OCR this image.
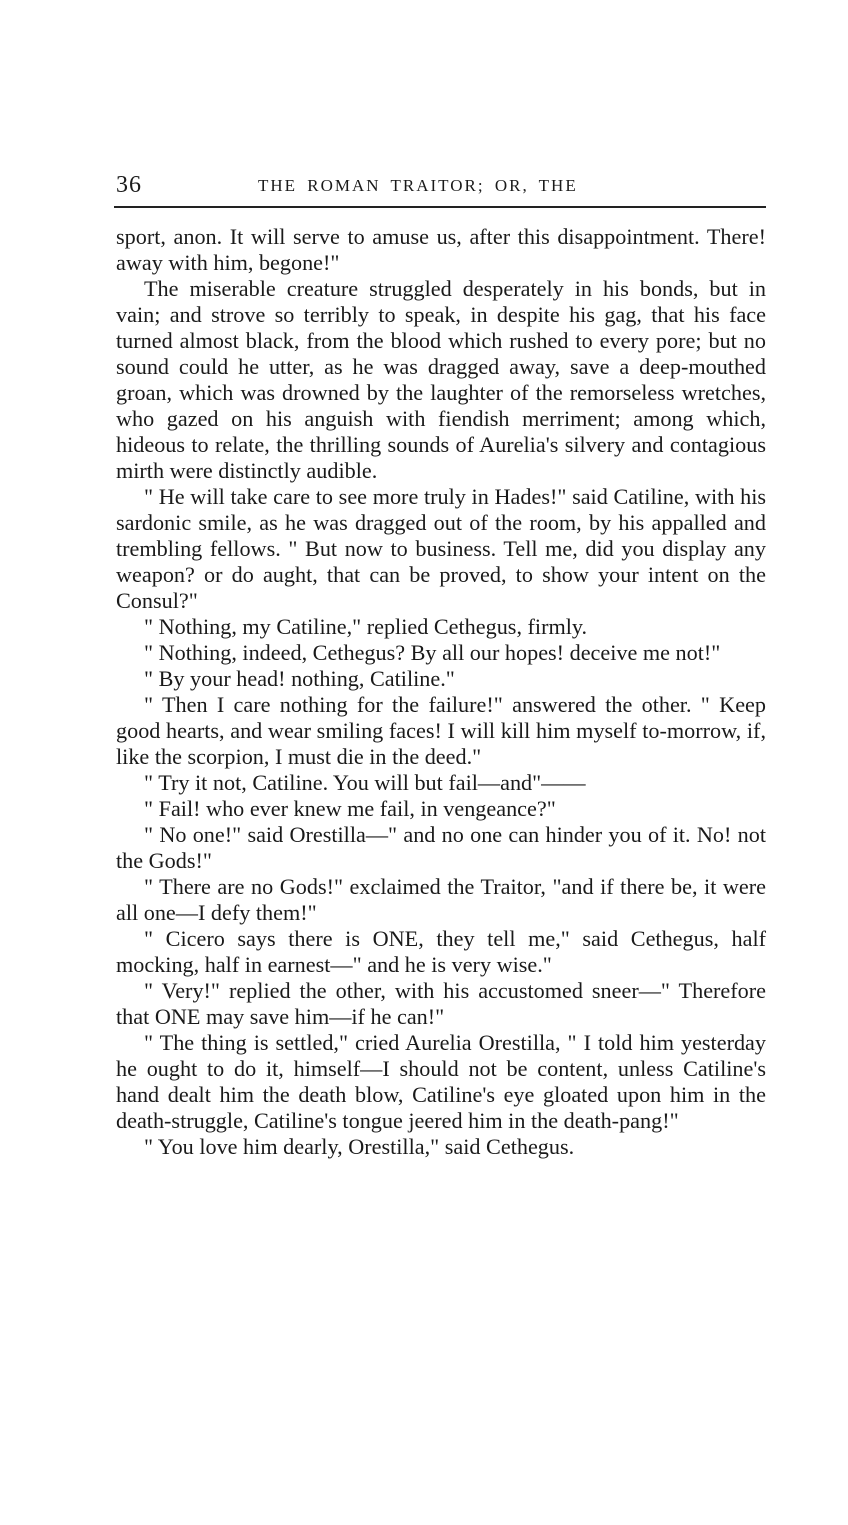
36	THE ROMAN TRAITOR; OR, THE

sport, anon. It will serve to amuse us, after this disappointment. There! away with him, begone!"

The miserable creature struggled desperately in his bonds, but in vain; and strove so terribly to speak, in despite his gag, that his face turned almost black, from the blood which rushed to every pore; but no sound could he utter, as he was dragged away, save a deep-mouthed groan, which was drowned by the laughter of the remorseless wretches, who gazed on his anguish with fiendish merriment; among which, hideous to relate, the thrilling sounds of Aurelia's silvery and contagious mirth were distinctly audible.

" He will take care to see more truly in Hades!" said Catiline, with his sardonic smile, as he was dragged out of the room, by his appalled and trembling fellows. " But now to business. Tell me, did you display any weapon? or do aught, that can be proved, to show your intent on the Consul?"

" Nothing, my Catiline," replied Cethegus, firmly.

" Nothing, indeed, Cethegus? By all our hopes! deceive me not!"

" By your head! nothing, Catiline."

" Then I care nothing for the failure!" answered the other. " Keep good hearts, and wear smiling faces! I will kill him myself to-morrow, if, like the scorpion, I must die in the deed."

" Try it not, Catiline. You will but fail—and"——

" Fail! who ever knew me fail, in vengeance?"

" No one!" said Orestilla—" and no one can hinder you of it. No! not the Gods!"

" There are no Gods!" exclaimed the Traitor, "and if there be, it were all one—I defy them!"

" Cicero says there is ONE, they tell me," said Cethegus, half mocking, half in earnest—" and he is very wise."

" Very!" replied the other, with his accustomed sneer—" Therefore that ONE may save him—if he can!"

" The thing is settled," cried Aurelia Orestilla, " I told him yesterday he ought to do it, himself—I should not be content, unless Catiline's hand dealt him the death blow, Catiline's eye gloated upon him in the death-struggle, Catiline's tongue jeered him in the death-pang!"

" You love him dearly, Orestilla," said Cethegus.
